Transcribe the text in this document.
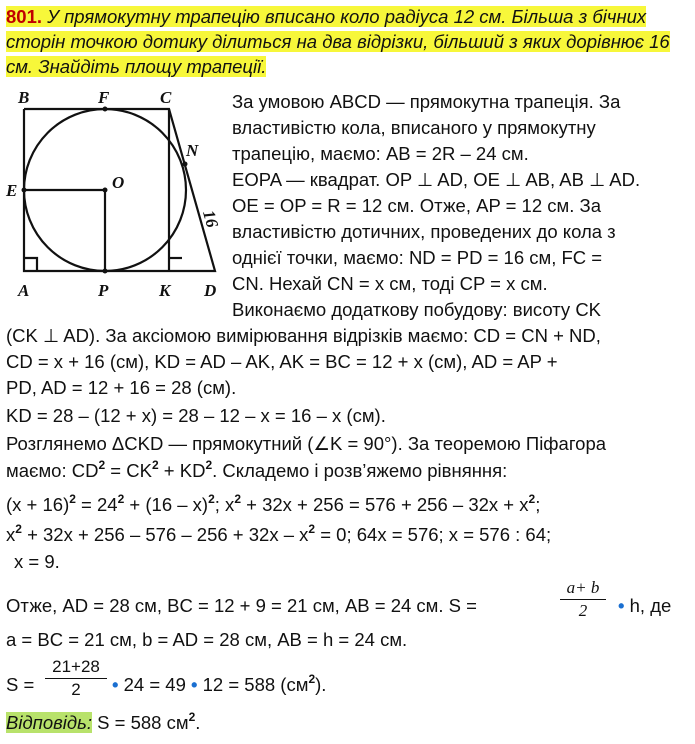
801. У прямокутну трапецію вписано коло радіуса 12 см. Більша з бічних сторін точкою дотику ділиться на два відрізки, більший з яких дорівнює 16 см. Знайдіть площу трапеції.
B	F	C
N
E	O
A	P	K D
16
За умовою ABCD — прямокутна трапеція. За
властивістю кола, вписаного у прямокутну
трапецію, маємо: AB = 2R – 24 см.
EOPA — квадрат. OP ⊥ AD, OE ⊥ AB, AB ⊥ AD.
OE = OP = R = 12 см. Отже, AP = 12 см. За
властивістю дотичних, проведених до кола з
однієї точки, маємо: ND = PD = 16 см, FC =
CN. Нехай CN = x см, тоді CP = x см.
Виконаємо додаткову побудову: висоту CK
(CK ⊥ AD). За аксіомою вимірювання відрізків маємо: CD = CN + ND,
CD = x + 16 (см), KD = AD – AK, AK = BC = 12 + x (см), AD = AP +
PD, AD = 12 + 16 = 28 (см).
KD = 28 – (12 + x) = 28 – 12 – x = 16 – x (см).
Розглянемо ΔCKD — прямокутний (∠K = 90°). За теоремою Піфагора
маємо: $CD^2 = CK^2 + KD^2$. Складемо і розв’яжемо рівняння:
$(x + 16)^2 = 24^2 + (16 - x)^2$; $x^2 + 32x + 256 = 576 + 256 - 32x + x^2$;
$x^2 + 32x + 256 - 576 - 256 + 32x - x^2 = 0$; 64x = 576; x = 576 : 64;
x = 9.
Отже, AD = 28 см, BC = 12 + 9 = 21 см, AB = 24 см. S =
a+ b
2	• h, де
a = BC = 21 см, b = AD = 28 см, AB = h = 24 см.
S =
21+28
2	• 24 = 49 • 12 = 588 $(см^2)$.
Відповідь: S = 588 $см^2$.
